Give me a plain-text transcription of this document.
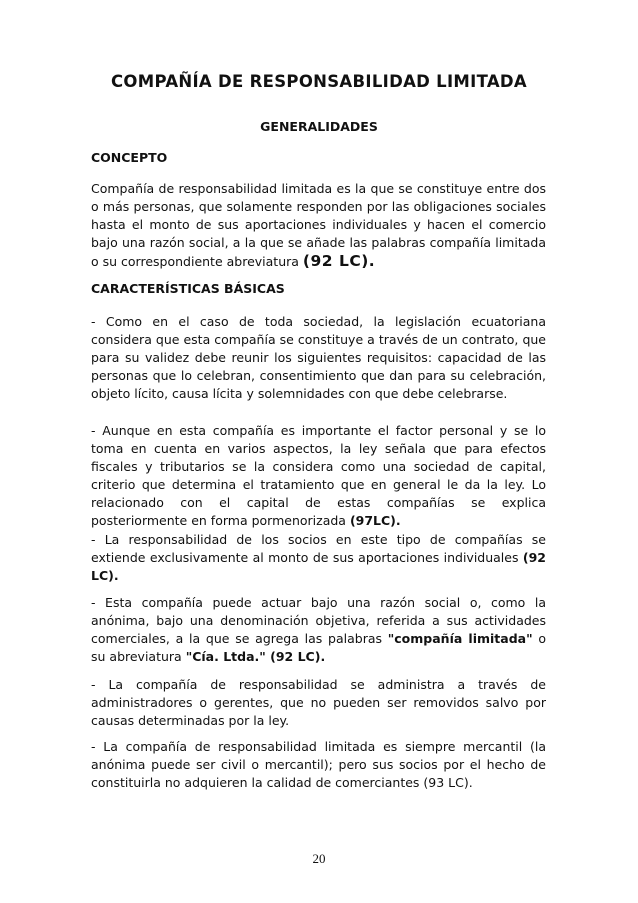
COMPAÑÍA DE RESPONSABILIDAD LIMITADA
GENERALIDADES
CONCEPTO
Compañía de responsabilidad limitada es la que se constituye entre dos o más personas, que solamente responden por las obligaciones sociales hasta el monto de sus aportaciones individuales y hacen el comercio bajo una razón social, a la que se añade las palabras compañía limitada o su correspondiente abreviatura (92 LC).
CARACTERÍSTICAS BÁSICAS
- Como en el caso de toda sociedad, la legislación ecuatoriana considera que esta compañía se constituye a través de un contrato, que para su validez debe reunir los siguientes requisitos: capacidad de las personas que lo celebran, consentimiento que dan para su celebración, objeto lícito, causa lícita y solemnidades con que debe celebrarse.
- Aunque en esta compañía es importante el factor personal y se lo toma en cuenta en varios aspectos, la ley señala que para efectos fiscales y tributarios se la considera como una sociedad de capital, criterio que determina el tratamiento que en general le da la ley. Lo relacionado con el capital de estas compañías se explica posteriormente en forma pormenorizada (97LC).
- La responsabilidad de los socios en este tipo de compañías se extiende exclusivamente al monto de sus aportaciones individuales (92 LC).
- Esta compañía puede actuar bajo una razón social o, como la anónima, bajo una denominación objetiva, referida a sus actividades comerciales, a la que se agrega las palabras "compañía limitada" o su abreviatura "Cía. Ltda." (92 LC).
- La compañía de responsabilidad se administra a través de administradores o gerentes, que no pueden ser removidos salvo por causas determinadas por la ley.
- La compañía de responsabilidad limitada es siempre mercantil (la anónima puede ser civil o mercantil); pero sus socios por el hecho de constituirla no adquieren la calidad de comerciantes (93 LC).
20
